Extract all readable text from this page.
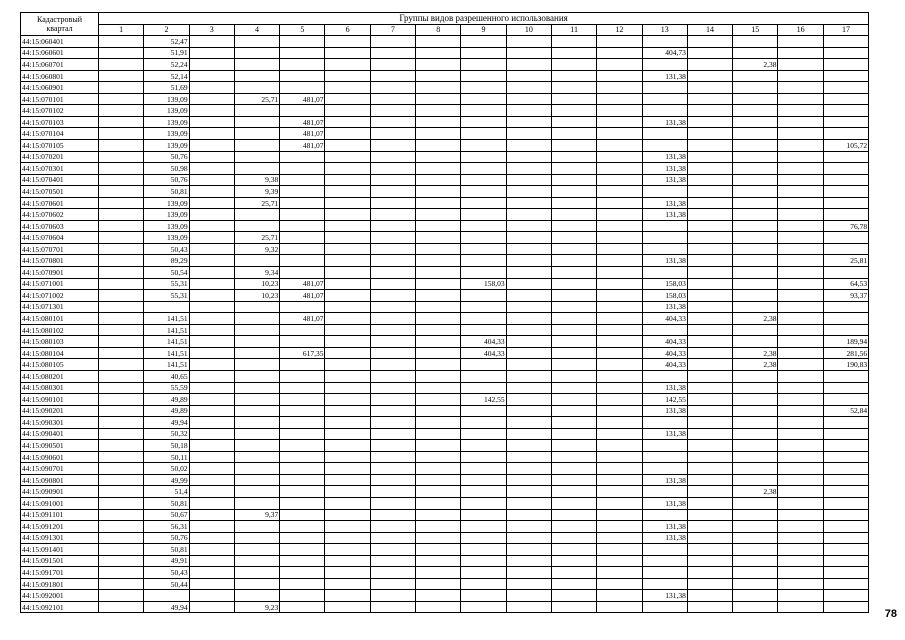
Кадастровый
квартал	Группы видов разрешенного использования																
	1	2	3	4	5	6	7	8	9	10	11	12	13	14	15	16	17
44:15:060401		52,47															
44:15:060601		51,91											404,73				
44:15:060701		52,24													2,38		
44:15:060801		52,14											131,38				
44:15:060901		51,69															
44:15:070101		139,09		25,71	481,07												
44:15:070102		139,09															
44:15:070103		139,09			481,07								131,38				
44:15:070104		139,09			481,07												
44:15:070105		139,09			481,07												105,72
44:15:070201		50,76											131,38				
44:15:070301		50,98											131,38				
44:15:070401		50,76		9,38									131,38				
44:15:070501		50,81		9,39													
44:15:070601		139,09		25,71									131,38				
44:15:070602		139,09											131,38				
44:15:070603		139,09															76,78
44:15:070604		139,09		25,71													
44:15:070701		50,43		9,32													
44:15:070801		89,29											131,38				25,81
44:15:070901		50,54		9,34													
44:15:071001		55,31		10,23	481,07				158,03				158,03				64,53
44:15:071002		55,31		10,23	481,07								158,03				93,37
44:15:071301													131,38				
44:15:080101		141,51			481,07								404,33		2,38		
44:15:080102		141,51															
44:15:080103		141,51							404,33				404,33				189,94
44:15:080104		141,51			617,35				404,33				404,33		2,38		281,56
44:15:080105		141,51											404,33		2,38		190,83
44:15:080201		40,65															
44:15:080301		55,59											131,38				
44:15:090101		49,89							142,55				142,55				
44:15:090201		49,89											131,38				52,84
44:15:090301		49,94															
44:15:090401		50,32											131,38				
44:15:090501		50,18															
44:15:090601		50,11															
44:15:090701		50,02															
44:15:090801		49,99											131,38				
44:15:090901		51,4													2,38		
44:15:091001		50,81											131,38				
44:15:091101		50,67		9,37													
44:15:091201		56,31											131,38				
44:15:091301		50,76											131,38				
44:15:091401		50,81															
44:15:091501		49,91															
44:15:091701		50,43															
44:15:091801		50,44															
44:15:092001													131,38				
44:15:092101		49,94		9,23													
78
